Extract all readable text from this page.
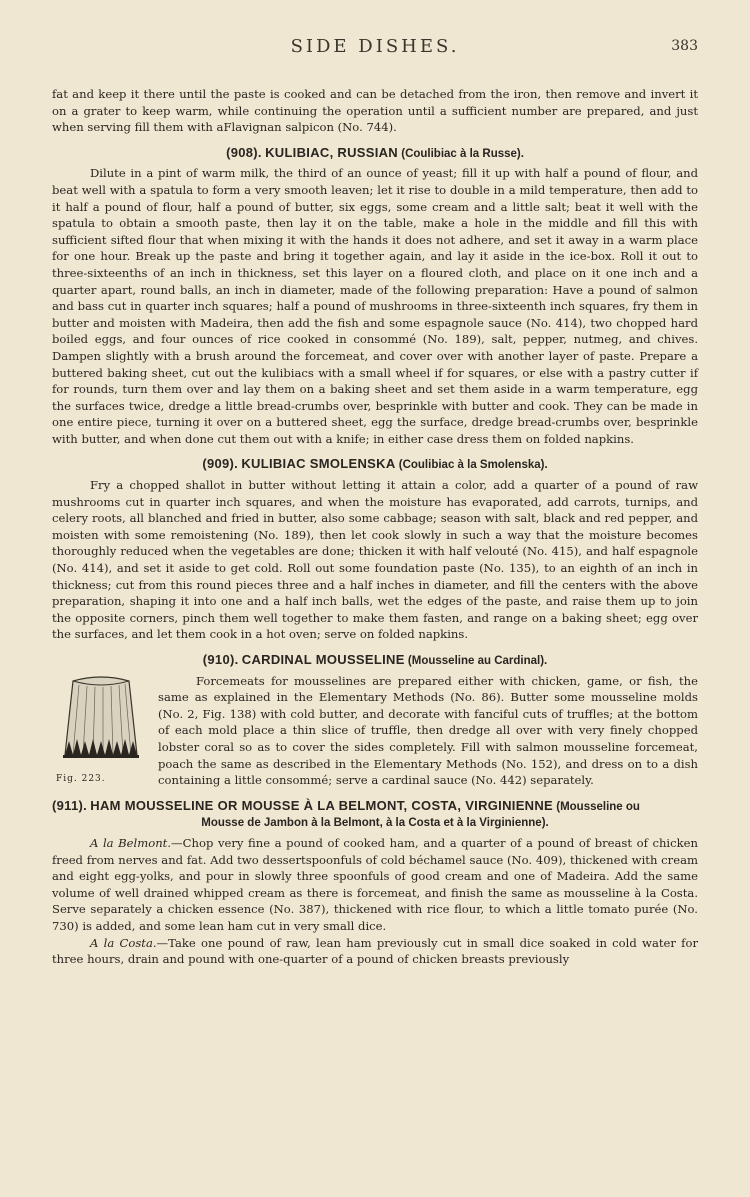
SIDE DISHES.	383

fat and keep it there until the paste is cooked and can be detached from the iron, then remove and invert it on a grater to keep warm, while continuing the operation until a sufficient number are prepared, and just when serving fill them with aFlavignan salpicon (No. 744).

(908). KULIBIAC, RUSSIAN (Coulibiac à la Russe).

Dilute in a pint of warm milk, the third of an ounce of yeast; fill it up with half a pound of flour, and beat well with a spatula to form a very smooth leaven; let it rise to double in a mild temperature, then add to it half a pound of flour, half a pound of butter, six eggs, some cream and a little salt; beat it well with the spatula to obtain a smooth paste, then lay it on the table, make a hole in the middle and fill this with sufficient sifted flour that when mixing it with the hands it does not adhere, and set it away in a warm place for one hour. Break up the paste and bring it together again, and lay it aside in the ice-box. Roll it out to three-sixteenths of an inch in thickness, set this layer on a floured cloth, and place on it one inch and a quarter apart, round balls, an inch in diameter, made of the following preparation: Have a pound of salmon and bass cut in quarter inch squares; half a pound of mushrooms in three-sixteenth inch squares, fry them in butter and moisten with Madeira, then add the fish and some espagnole sauce (No. 414), two chopped hard boiled eggs, and four ounces of rice cooked in consommé (No. 189), salt, pepper, nutmeg, and chives. Dampen slightly with a brush around the forcemeat, and cover over with another layer of paste. Prepare a buttered baking sheet, cut out the kulibiacs with a small wheel if for squares, or else with a pastry cutter if for rounds, turn them over and lay them on a baking sheet and set them aside in a warm temperature, egg the surfaces twice, dredge a little bread-crumbs over, besprinkle with butter and cook. They can be made in one entire piece, turning it over on a buttered sheet, egg the surface, dredge bread-crumbs over, besprinkle with butter, and when done cut them out with a knife; in either case dress them on folded napkins.

(909). KULIBIAC SMOLENSKA (Coulibiac à la Smolenska).

Fry a chopped shallot in butter without letting it attain a color, add a quarter of a pound of raw mushrooms cut in quarter inch squares, and when the moisture has evaporated, add carrots, turnips, and celery roots, all blanched and fried in butter, also some cabbage; season with salt, black and red pepper, and moisten with some remoistening (No. 189), then let cook slowly in such a way that the moisture becomes thoroughly reduced when the vegetables are done; thicken it with half velouté (No. 415), and half espagnole (No. 414), and set it aside to get cold. Roll out some foundation paste (No. 135), to an eighth of an inch in thickness; cut from this round pieces three and a half inches in diameter, and fill the centers with the above preparation, shaping it into one and a half inch balls, wet the edges of the paste, and raise them up to join the opposite corners, pinch them well together to make them fasten, and range on a baking sheet; egg over the surfaces, and let them cook in a hot oven; serve on folded napkins.

(910). CARDINAL MOUSSELINE (Mousseline au Cardinal).
Fig. 223.

Forcemeats for mousselines are prepared either with chicken, game, or fish, the same as explained in the Elementary Methods (No. 86). Butter some mousseline molds (No. 2, Fig. 138) with cold butter, and decorate with fanciful cuts of truffles; at the bottom of each mold place a thin slice of truffle, then dredge all over with very finely chopped lobster coral so as to cover the sides completely. Fill with salmon mousseline forcemeat, poach the same as described in the Elementary Methods (No. 152), and dress on to a dish containing a little consommé; serve a cardinal sauce (No. 442) separately.

(911). HAM MOUSSELINE OR MOUSSE À LA BELMONT, COSTA, VIRGINIENNE (Mousseline ou
Mousse de Jambon à la Belmont, à la Costa et à la Virginienne).

A la Belmont.—Chop very fine a pound of cooked ham, and a quarter of a pound of breast of chicken freed from nerves and fat. Add two dessertspoonfuls of cold béchamel sauce (No. 409), thickened with cream and eight egg-yolks, and pour in slowly three spoonfuls of good cream and one of Madeira. Add the same volume of well drained whipped cream as there is forcemeat, and finish the same as mousseline à la Costa. Serve separately a chicken essence (No. 387), thickened with rice flour, to which a little tomato purée (No. 730) is added, and some lean ham cut in very small dice.

A la Costa.—Take one pound of raw, lean ham previously cut in small dice soaked in cold water for three hours, drain and pound with one-quarter of a pound of chicken breasts previously
